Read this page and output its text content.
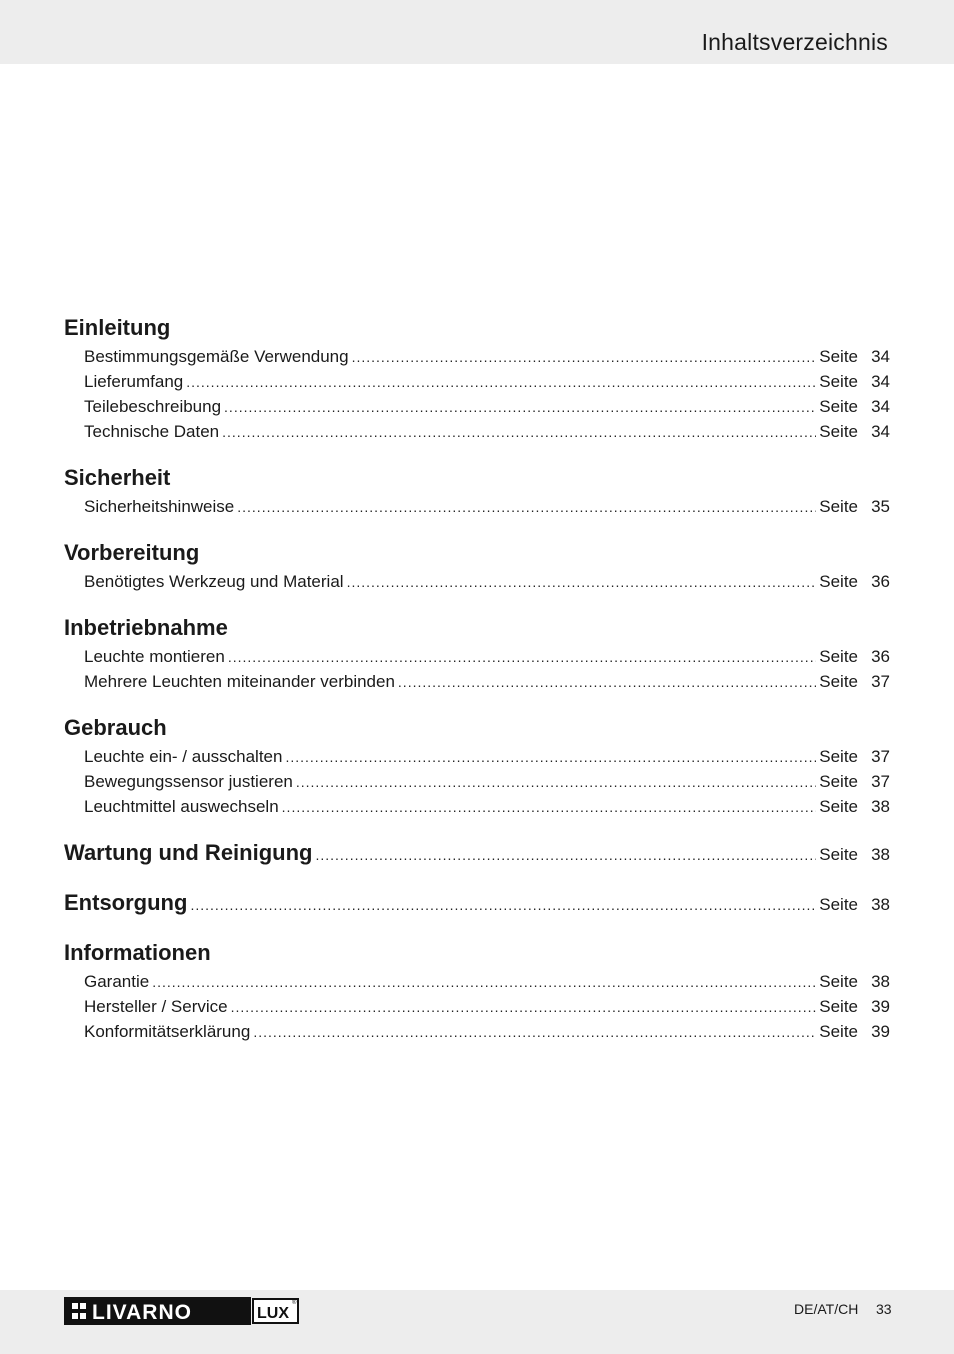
Inhaltsverzeichnis
Einleitung
Bestimmungsgemäße Verwendung .....	Seite 34
Lieferumfang .....	Seite 34
Teilebeschreibung .....	Seite 34
Technische Daten .....	Seite 34
Sicherheit
Sicherheitshinweise .....	Seite 35
Vorbereitung
Benötigtes Werkzeug und Material .....	Seite 36
Inbetriebnahme
Leuchte montieren .....	Seite 36
Mehrere Leuchten miteinander verbinden .....	Seite 37
Gebrauch
Leuchte ein- / ausschalten .....	Seite 37
Bewegungssensor justieren .....	Seite 37
Leuchtmittel auswechseln .....	Seite 38
Wartung und Reinigung .....	Seite 38
Entsorgung .....	Seite 38
Informationen
Garantie .....	Seite 38
Hersteller / Service .....	Seite 39
Konformitätserklärung .....	Seite 39
LIVARNO	LUX
®	DE/AT/CH 33
